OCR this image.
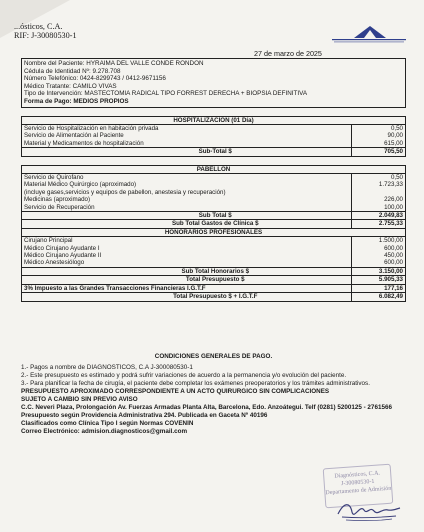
...ósticos, C.A.
RIF: J-30080530-1
27 de marzo de 2025
Nombre del Paciente: HYRAIMA DEL VALLE CONDE RONDON
Cédula de Identidad Nº: 9.278.708
Número Telefónico: 0424-8299743 / 0412-9671156
Médico Tratante: CAMILO VIVAS
Tipo de Intervención: MASTECTOMIA RADICAL TIPO FORREST DERECHA + BIOPSIA DEFINITIVA
Forma de Pago: MEDIOS PROPIOS
HOSPITALIZACION (01 Día)	
Servicio de Hospitalización en habitación privada	0,50
Servicio de Alimentación al Paciente	90,00
Material y Medicamentos de hospitalización	615,00
Sub-Total $	705,50
PABELLON	
Servicio de Quirofano	0,50
Material Médico Quirúrgico (aproximado)	1.723,33
(incluye gases,servicios y equipos de pabellon, anestesia y recuperación)	
Medicinas (aproximado)	226,00
Servicio de Recuperación	100,00
Sub Total $	2.049,83
Sub Total Gastos de Clínica $	2.755,33
HONORARIOS PROFESIONALES	
Cirujano Principal	1.500,00
Médico Cirujano Ayudante I	600,00
Médico Cirujano Ayudante II	450,00
Médico Anestesiólogo	600,00
Sub Total Honorarios $	3.150,00
Total Presupuesto $	5.905,33
3% Impuesto a las Grandes Transacciones Financieras I.G.T.F	177,16
Total Presupuesto $ + I.G.T.F	6.082,49
CONDICIONES GENERALES DE PAGO.
1.- Pagos a nombre de DIAGNOSTICOS, C.A J-300080530-1
2.- Este presupuesto es estimado y podrá sufrir variaciones de acuerdo a la permanencia y/o evolución del paciente.
3.- Para planificar la fecha de cirugía, el paciente debe completar los exámenes preoperatorios y los trámites administrativos.
PRESUPUESTO APROXIMADO CORRESPONDIENTE A UN ACTO QUIRURGICO SIN COMPLICACIONES
SUJETO A CAMBIO SIN PREVIO AVISO
C.C. Neveri Plaza, Prolongación Av. Fuerzas Armadas Planta Alta, Barcelona, Edo. Anzoátegui. Telf (0281) 5200125 - 2761566
Presupuesto según Providencia Administrativa 294. Publicada en Gaceta Nº 40196
Clasificados como Clínica Tipo I según Normas COVENIN
Correo Electrónico: admision.diagnosticos@gmail.com
Diagnósticos, C.A.
J-30080530-1
Departamento de Admisión
